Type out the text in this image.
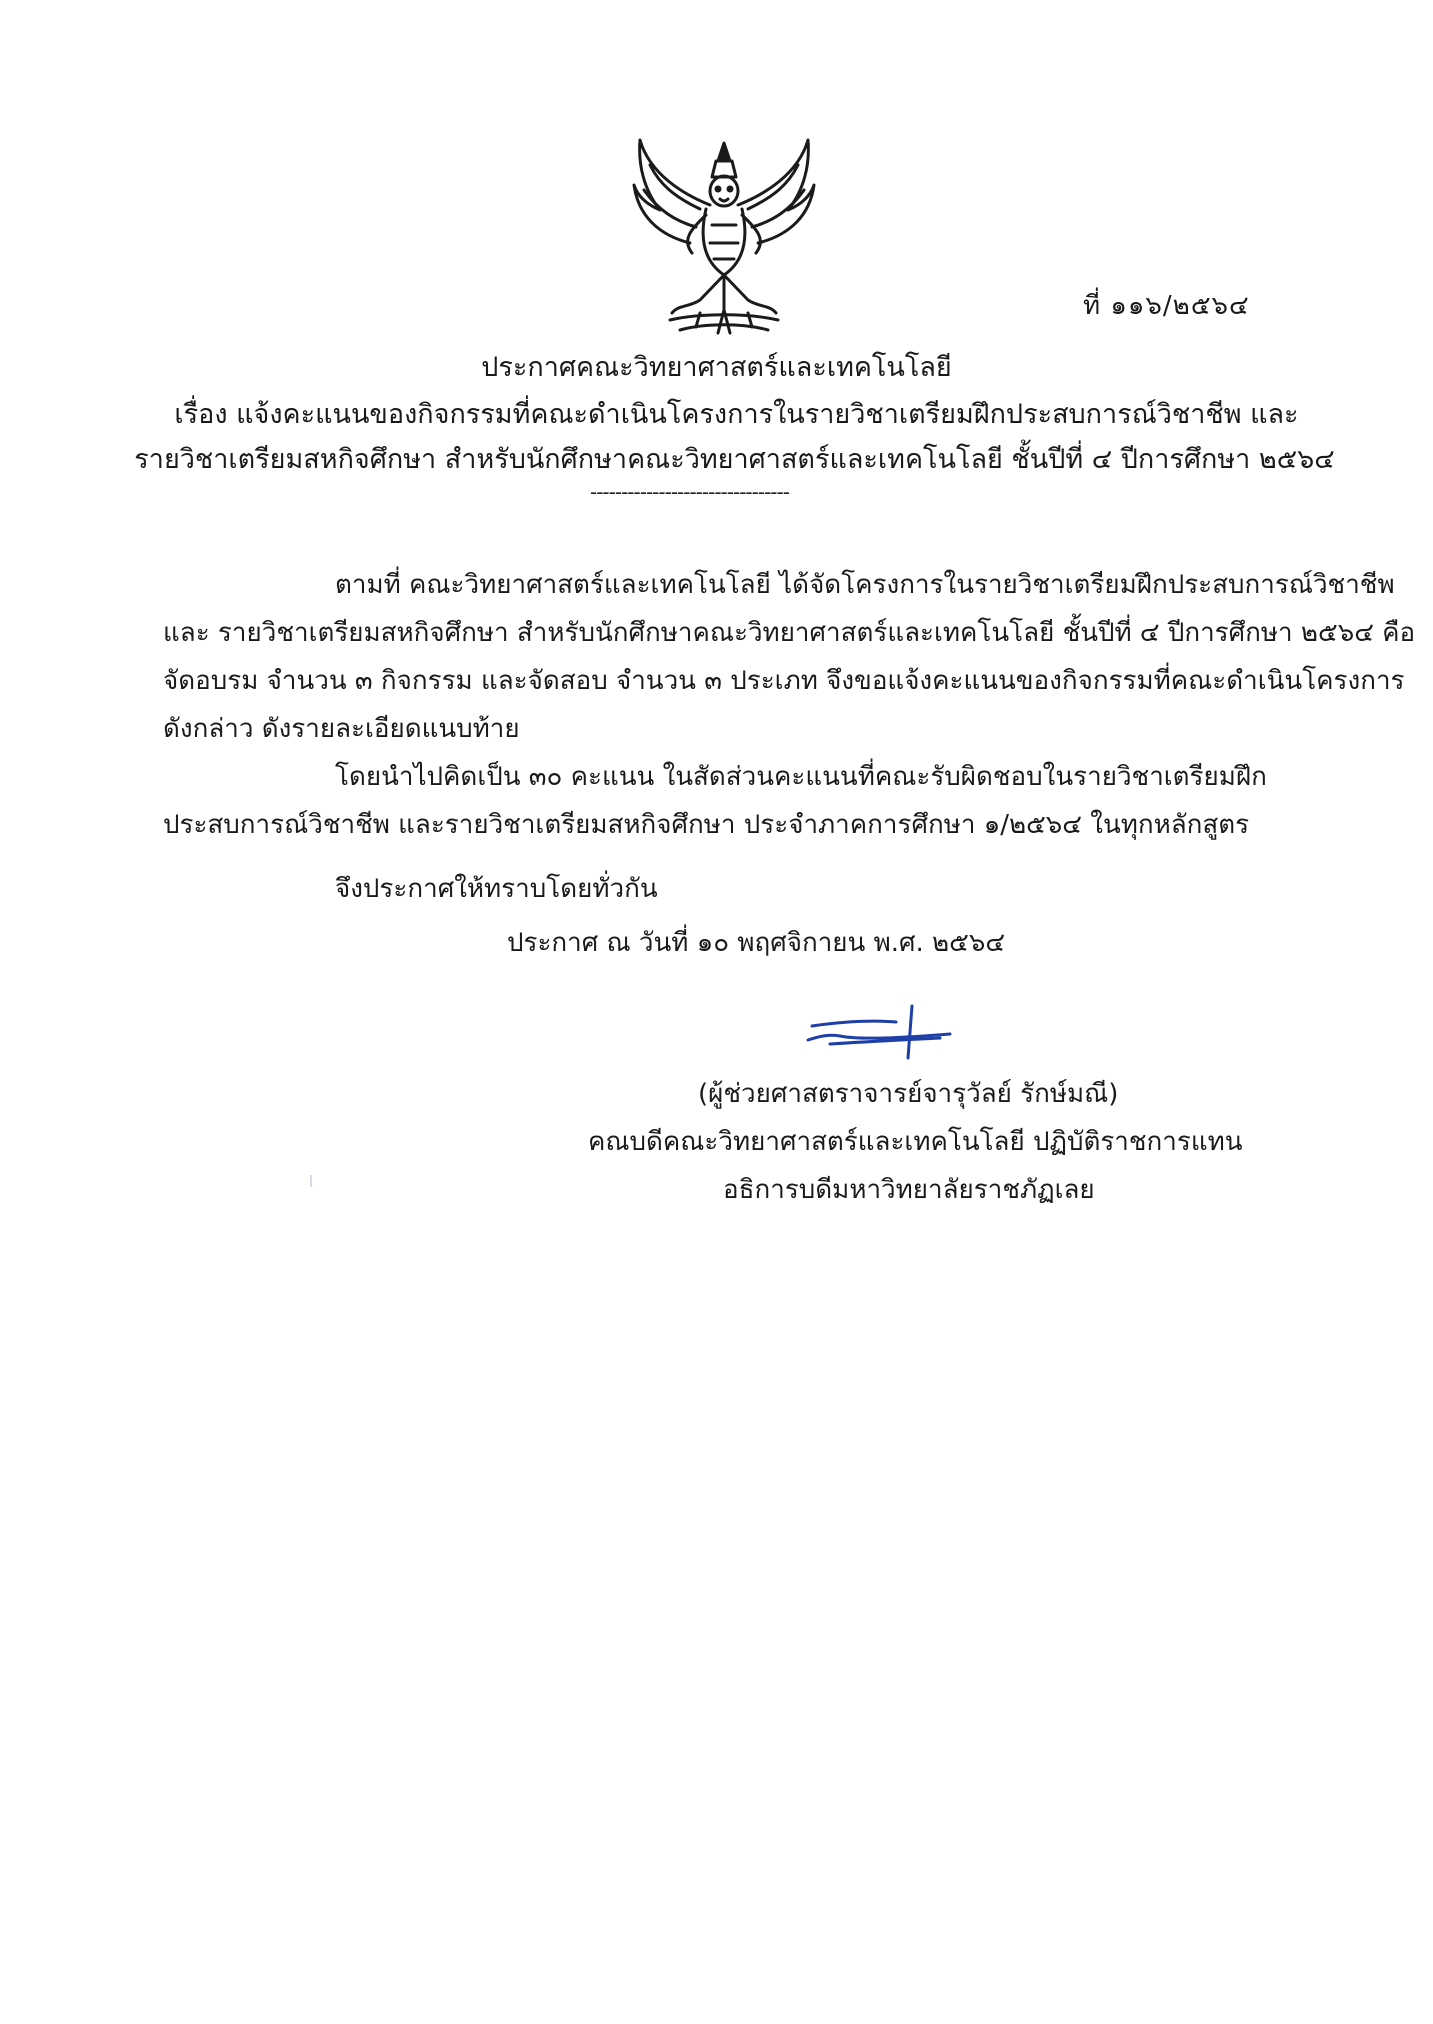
ที่ ๑๑๖/๒๕๖๔
ประกาศคณะวิทยาศาสตร์และเทคโนโลยี
เรื่อง แจ้งคะแนนของกิจกรรมที่คณะดำเนินโครงการในรายวิชาเตรียมฝึกประสบการณ์วิชาชีพ และ
รายวิชาเตรียมสหกิจศึกษา สำหรับนักศึกษาคณะวิทยาศาสตร์และเทคโนโลยี ชั้นปีที่ ๔ ปีการศึกษา ๒๕๖๔
--------------------------------
ตามที่ คณะวิทยาศาสตร์และเทคโนโลยี ได้จัดโครงการในรายวิชาเตรียมฝึกประสบการณ์วิชาชีพ
และ รายวิชาเตรียมสหกิจศึกษา สำหรับนักศึกษาคณะวิทยาศาสตร์และเทคโนโลยี ชั้นปีที่ ๔ ปีการศึกษา ๒๕๖๔ คือ
จัดอบรม จำนวน ๓ กิจกรรม และจัดสอบ จำนวน ๓ ประเภท จึงขอแจ้งคะแนนของกิจกรรมที่คณะดำเนินโครงการ
ดังกล่าว ดังรายละเอียดแนบท้าย
โดยนำไปคิดเป็น ๓๐ คะแนน ในสัดส่วนคะแนนที่คณะรับผิดชอบในรายวิชาเตรียมฝึก
ประสบการณ์วิชาชีพ และรายวิชาเตรียมสหกิจศึกษา ประจำภาคการศึกษา ๑/๒๕๖๔ ในทุกหลักสูตร
จึงประกาศให้ทราบโดยทั่วกัน
ประกาศ ณ วันที่ ๑๐ พฤศจิกายน พ.ศ. ๒๕๖๔
(ผู้ช่วยศาสตราจารย์จารุวัลย์ รักษ์มณี)
คณบดีคณะวิทยาศาสตร์และเทคโนโลยี ปฏิบัติราชการแทน
อธิการบดีมหาวิทยาลัยราชภัฏเลย
